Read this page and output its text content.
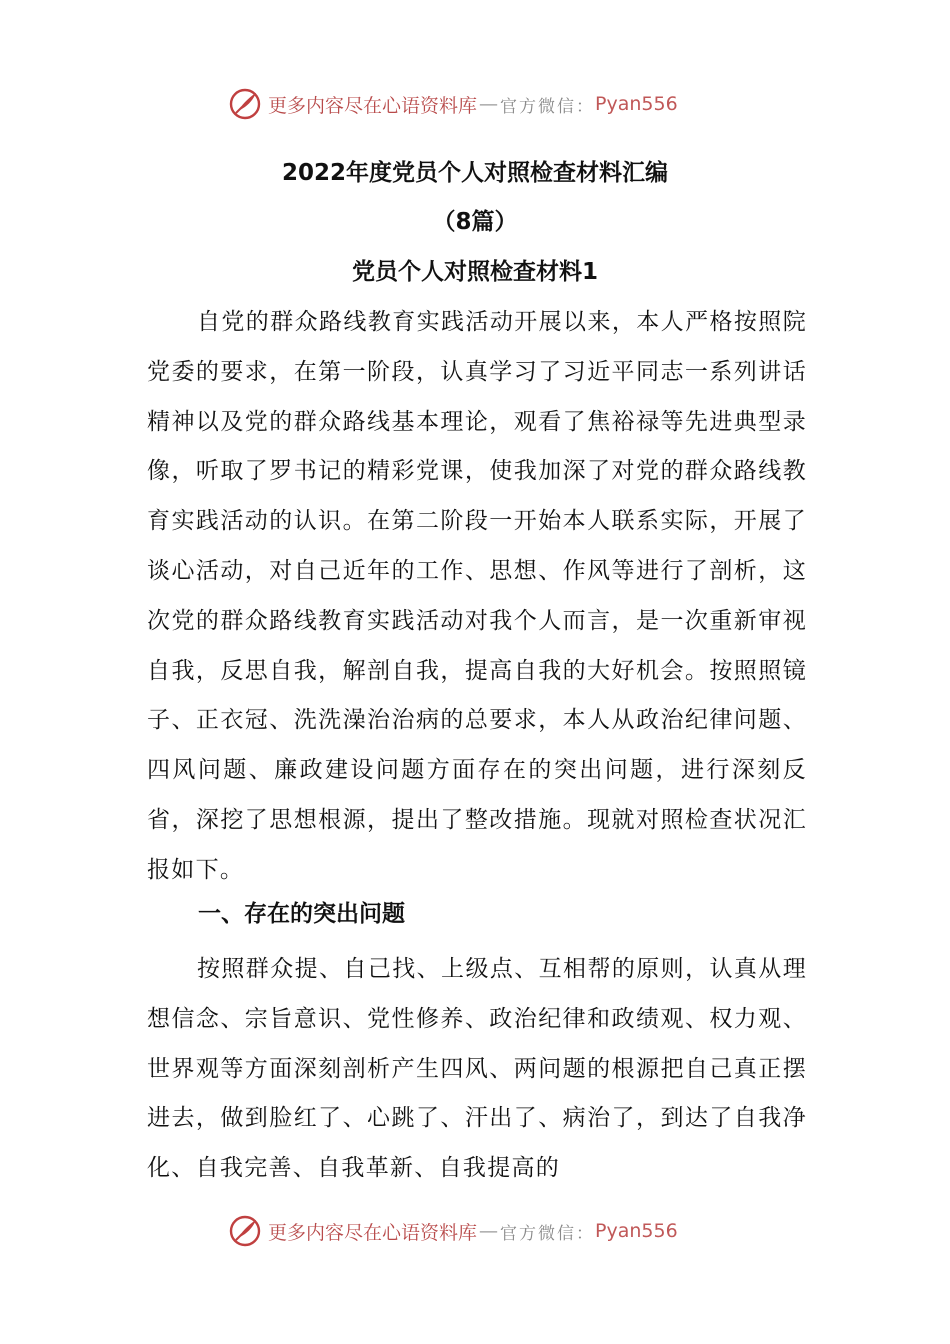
更多内容尽在心语资料库 — 官方微信： Pyan556
2022年度党员个人对照检查材料汇编
（8篇）
党员个人对照检查材料1

自党的群众路线教育实践活动开展以来，本人严格按照院党委的要求，在第一阶段，认真学习了习近平同志一系列讲话精神以及党的群众路线基本理论，观看了焦裕禄等先进典型录像，听取了罗书记的精彩党课，使我加深了对党的群众路线教育实践活动的认识。在第二阶段一开始本人联系实际，开展了谈心活动，对自己近年的工作、思想、作风等进行了剖析，这次党的群众路线教育实践活动对我个人而言，是一次重新审视自我，反思自我，解剖自我，提高自我的大好机会。按照照镜子、正衣冠、洗洗澡治治病的总要求，本人从政治纪律问题、四风问题、廉政建设问题方面存在的突出问题，进行深刻反省，深挖了思想根源，提出了整改措施。现就对照检查状况汇报如下。

一、存在的突出问题

按照群众提、自己找、上级点、互相帮的原则，认真从理想信念、宗旨意识、党性修养、政治纪律和政绩观、权力观、世界观等方面深刻剖析产生四风、两问题的根源把自己真正摆进去，做到脸红了、心跳了、汗出了、病治了，到达了自我净化、自我完善、自我革新、自我提高的

更多内容尽在心语资料库 — 官方微信： Pyan556
